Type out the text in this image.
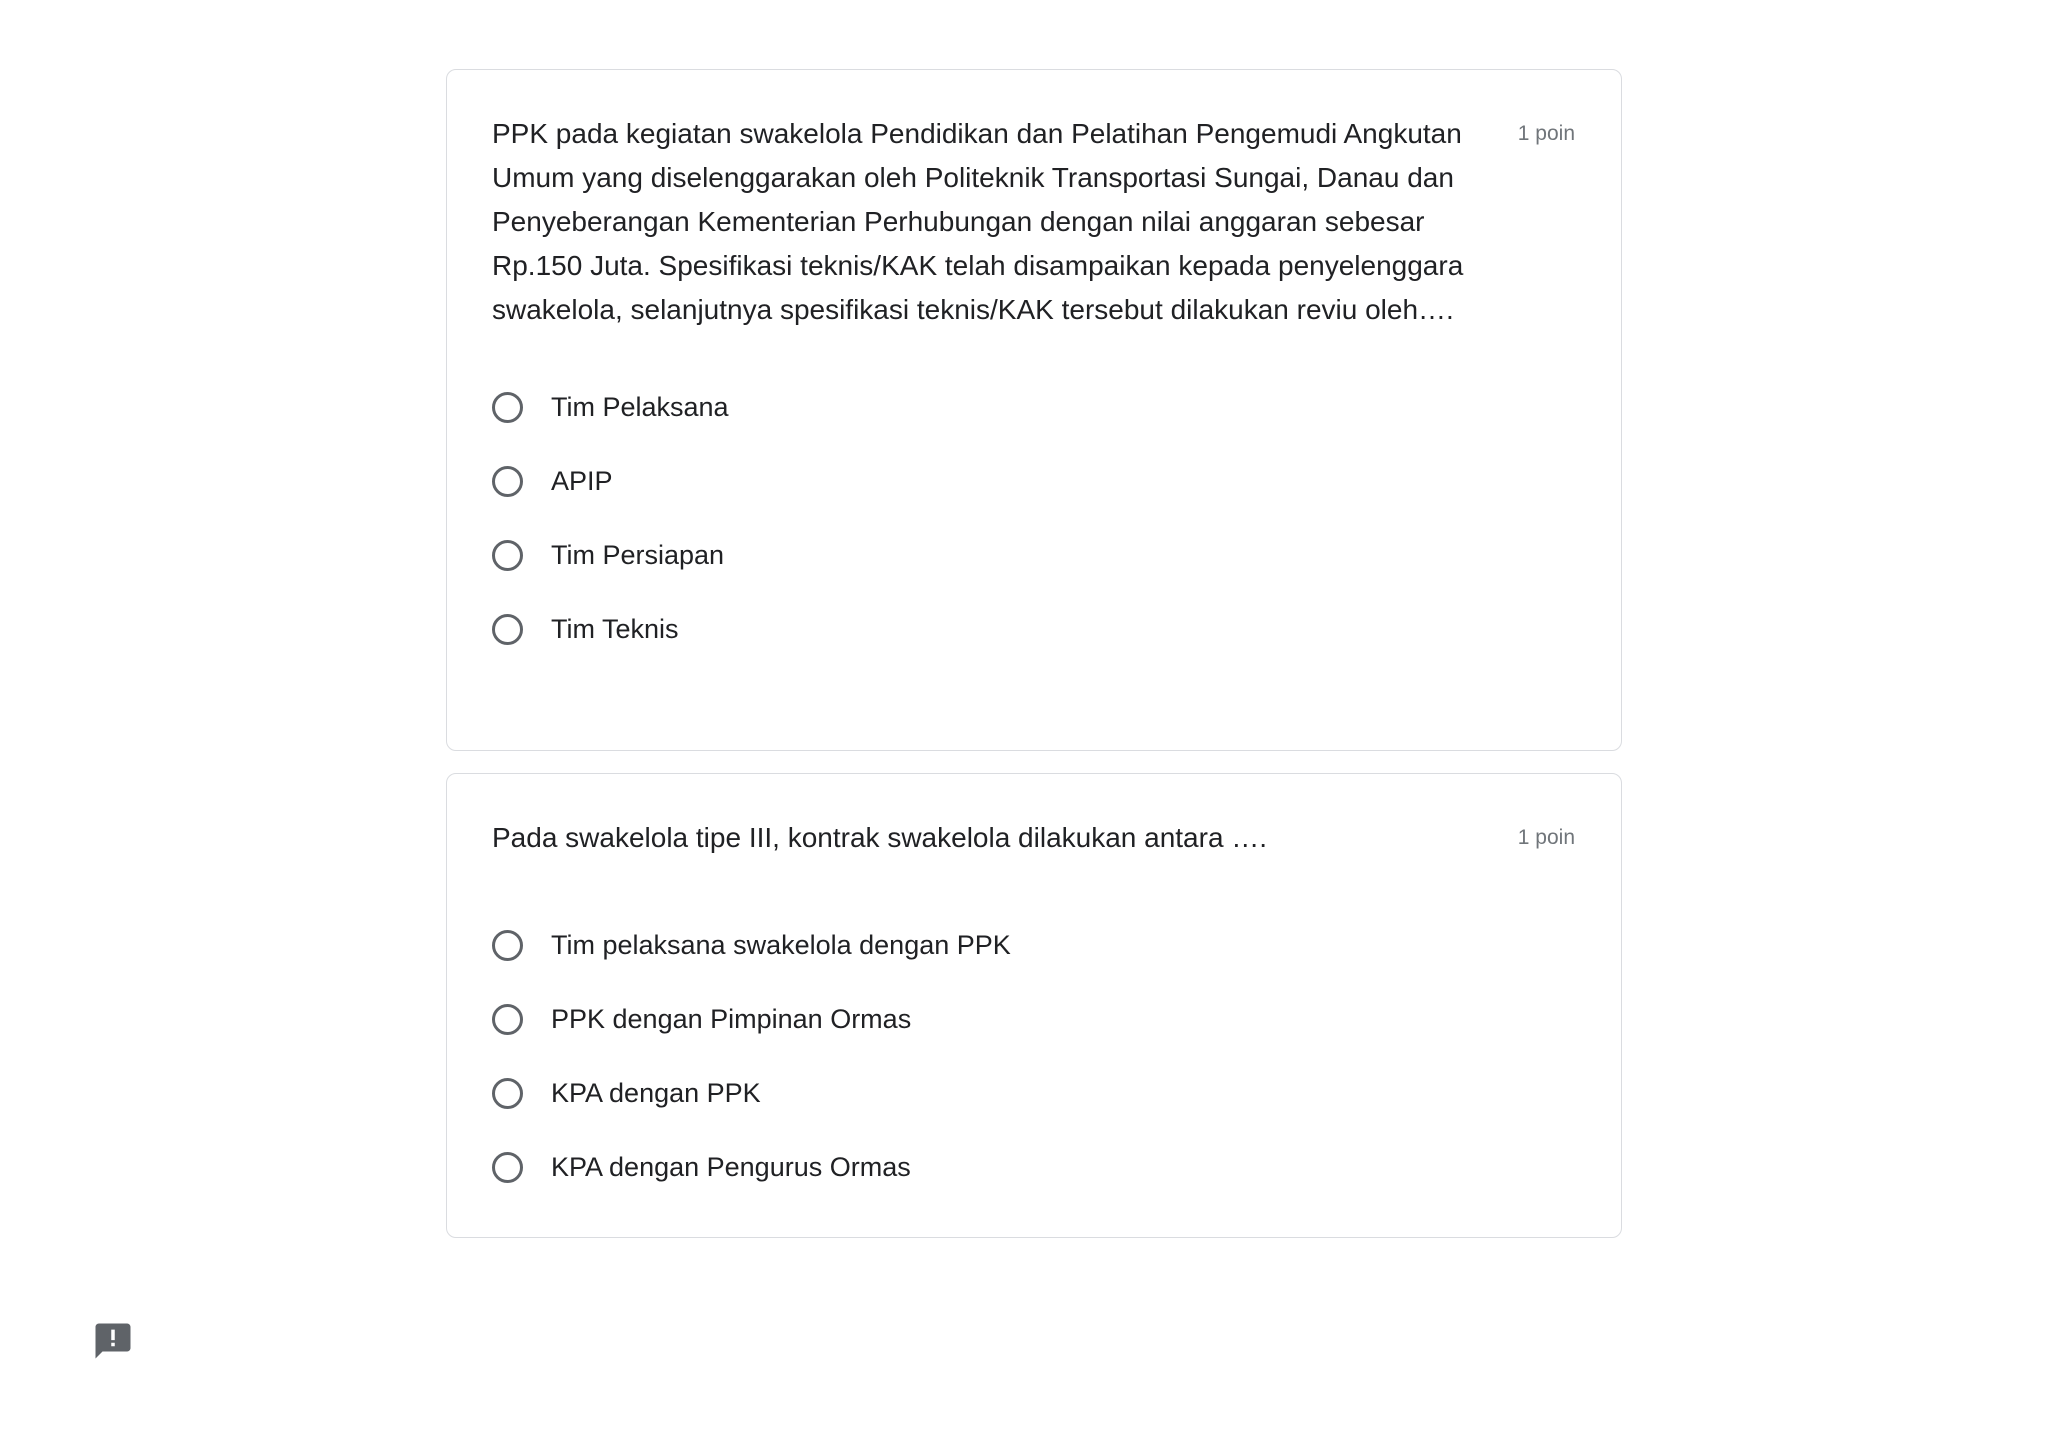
PPK pada kegiatan swakelola Pendidikan dan Pelatihan Pengemudi Angkutan Umum yang diselenggarakan oleh Politeknik Transportasi Sungai, Danau dan Penyeberangan Kementerian Perhubungan dengan nilai anggaran sebesar Rp.150 Juta. Spesifikasi teknis/KAK telah disampaikan kepada penyelenggara swakelola, selanjutnya spesifikasi teknis/KAK tersebut dilakukan reviu oleh….
1 poin
Tim Pelaksana
APIP
Tim Persiapan
Tim Teknis
Pada swakelola tipe III, kontrak swakelola dilakukan antara ….	1 poin
Tim pelaksana swakelola dengan PPK
PPK dengan Pimpinan Ormas
KPA dengan PPK
KPA dengan Pengurus Ormas
